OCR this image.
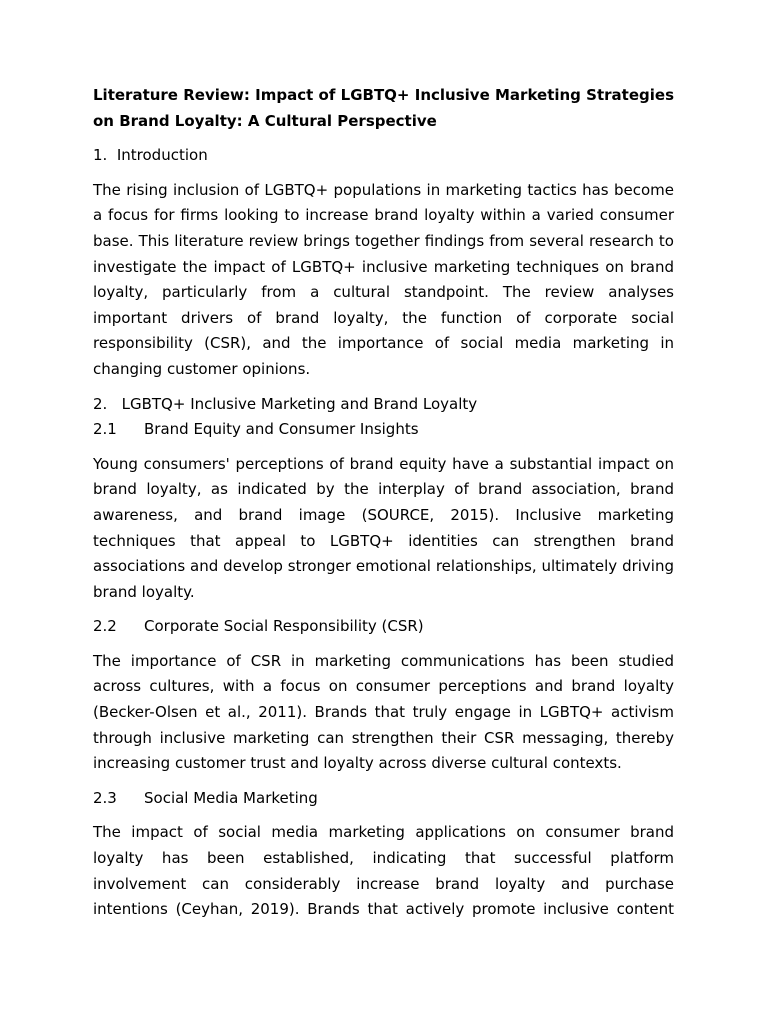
Literature Review: Impact of LGBTQ+ Inclusive Marketing Strategies on Brand Loyalty: A Cultural Perspective
1. Introduction
The rising inclusion of LGBTQ+ populations in marketing tactics has become a focus for firms looking to increase brand loyalty within a varied consumer base. This literature review brings together findings from several research to investigate the impact of LGBTQ+ inclusive marketing techniques on brand loyalty, particularly from a cultural standpoint. The review analyses important drivers of brand loyalty, the function of corporate social responsibility (CSR), and the importance of social media marketing in changing customer opinions.
2. LGBTQ+ Inclusive Marketing and Brand Loyalty
2.1 Brand Equity and Consumer Insights
Young consumers' perceptions of brand equity have a substantial impact on brand loyalty, as indicated by the interplay of brand association, brand awareness, and brand image (SOURCE, 2015). Inclusive marketing techniques that appeal to LGBTQ+ identities can strengthen brand associations and develop stronger emotional relationships, ultimately driving brand loyalty.
2.2 Corporate Social Responsibility (CSR)
The importance of CSR in marketing communications has been studied across cultures, with a focus on consumer perceptions and brand loyalty (Becker-Olsen et al., 2011). Brands that truly engage in LGBTQ+ activism through inclusive marketing can strengthen their CSR messaging, thereby increasing customer trust and loyalty across diverse cultural contexts.
2.3 Social Media Marketing
The impact of social media marketing applications on consumer brand loyalty has been established, indicating that successful platform involvement can considerably increase brand loyalty and purchase intentions (Ceyhan, 2019). Brands that actively promote inclusive content
